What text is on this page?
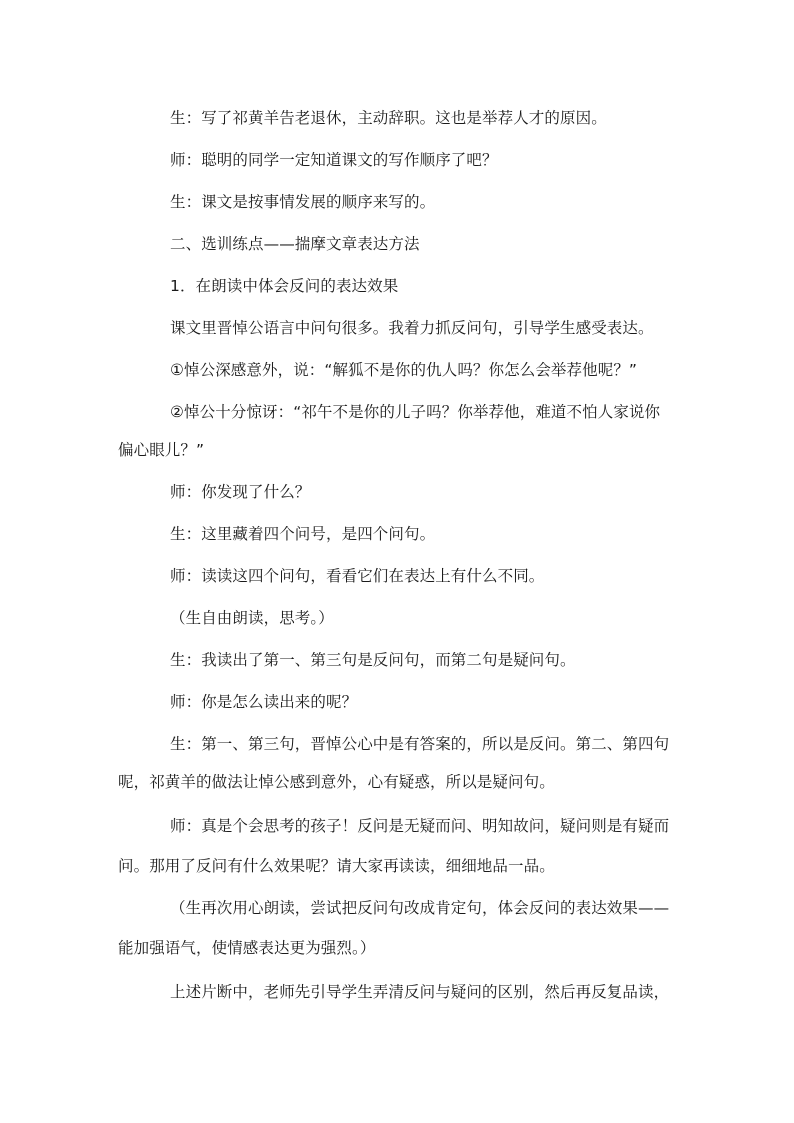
生：写了祁黄羊告老退休，主动辞职。这也是举荐人才的原因。
师：聪明的同学一定知道课文的写作顺序了吧？
生：课文是按事情发展的顺序来写的。
二、选训练点——揣摩文章表达方法
1．在朗读中体会反问的表达效果
课文里晋悼公语言中问句很多。我着力抓反问句，引导学生感受表达。
①悼公深感意外，说：“解狐不是你的仇人吗？你怎么会举荐他呢？”
②悼公十分惊讶：“祁午不是你的儿子吗？你举荐他，难道不怕人家说你
偏心眼儿？”
师：你发现了什么？
生：这里藏着四个问号，是四个问句。
师：读读这四个问句，看看它们在表达上有什么不同。
（生自由朗读，思考。）
生：我读出了第一、第三句是反问句，而第二句是疑问句。
师：你是怎么读出来的呢？
生：第一、第三句，晋悼公心中是有答案的，所以是反问。第二、第四句
呢，祁黄羊的做法让悼公感到意外，心有疑惑，所以是疑问句。
师：真是个会思考的孩子！反问是无疑而问、明知故问，疑问则是有疑而
问。那用了反问有什么效果呢？请大家再读读，细细地品一品。
（生再次用心朗读，尝试把反问句改成肯定句，体会反问的表达效果——
能加强语气，使情感表达更为强烈。）
上述片断中，老师先引导学生弄清反问与疑问的区别，然后再反复品读，
